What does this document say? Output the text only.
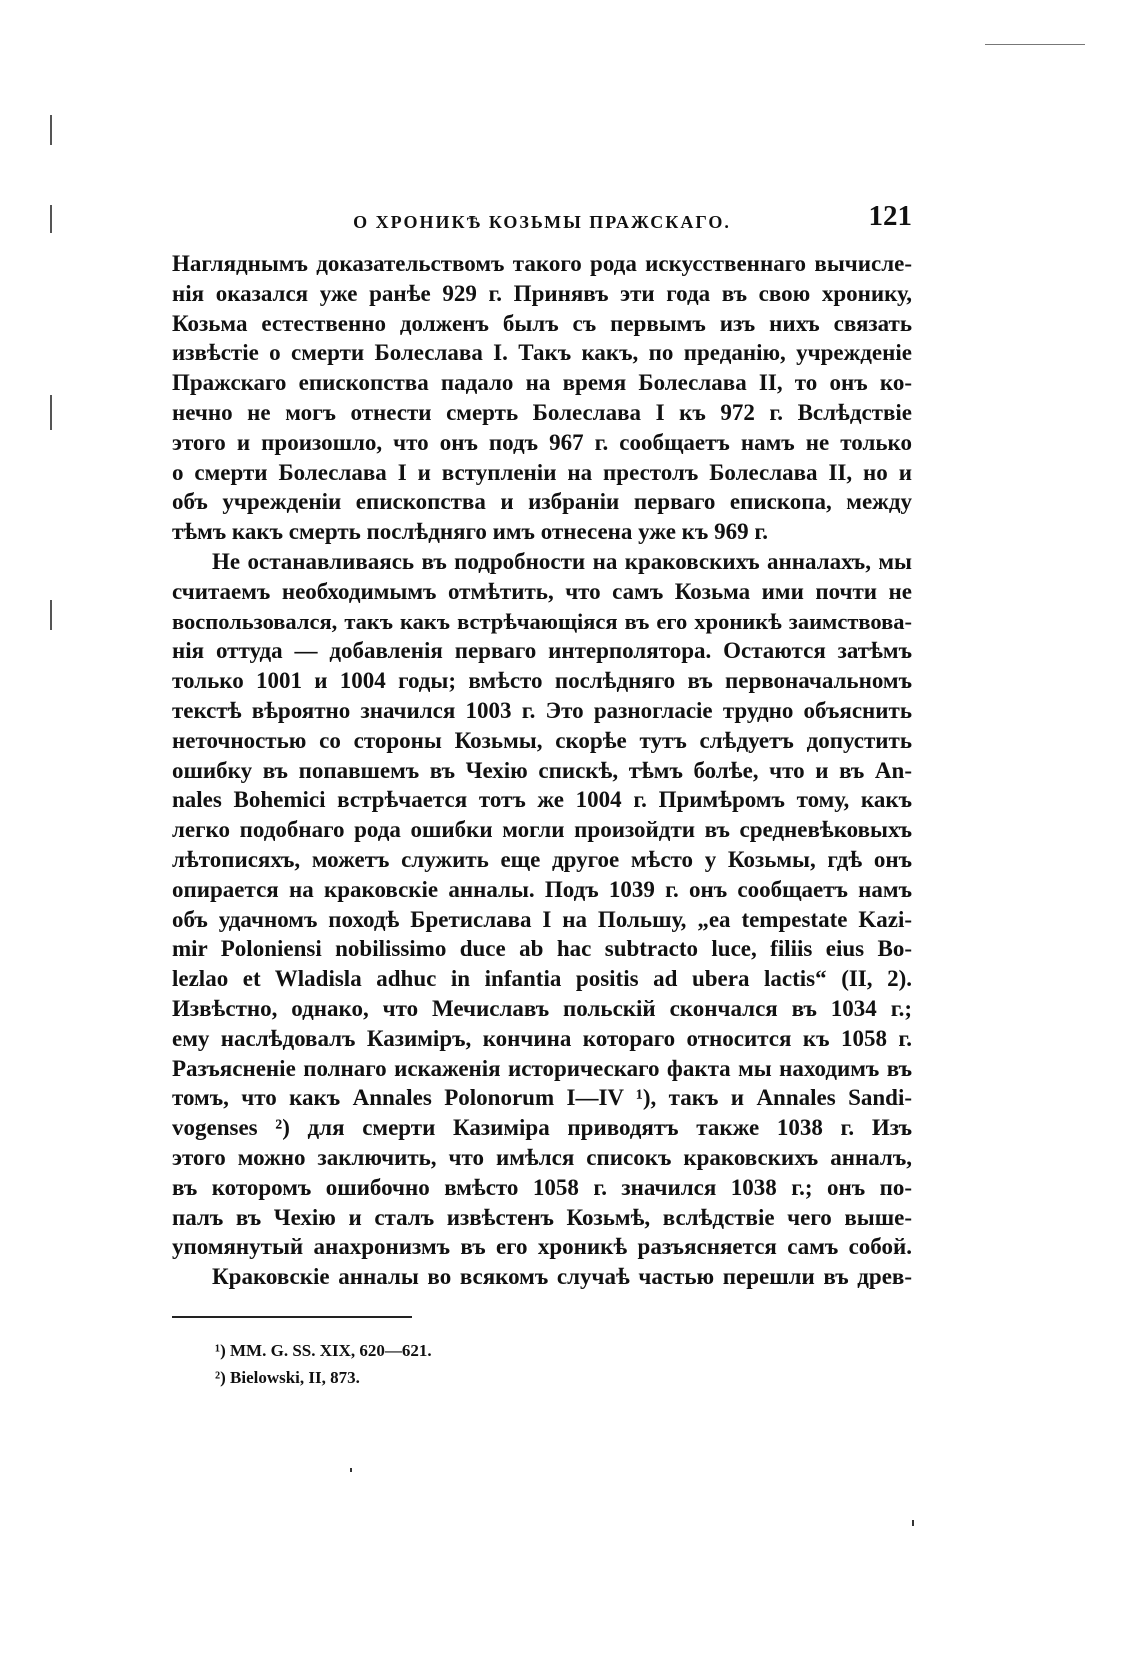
О ХРОНИКѢ КОЗЬМЫ ПРАЖСКАГО.	121
Нагляднымъ доказательствомъ такого рода искусственнаго вычисле-
нія оказался уже ранѣе 929 г. Принявъ эти года въ свою хронику,
Козьма естественно долженъ былъ съ первымъ изъ нихъ связать
извѣстіе о смерти Болеслава I. Такъ какъ, по преданію, учрежденіе
Пражскаго епископства падало на время Болеслава II, то онъ ко-
нечно не могъ отнести смерть Болеслава I къ 972 г. Вслѣдствіе
этого и произошло, что онъ подъ 967 г. сообщаетъ намъ не только
о смерти Болеслава I и вступленіи на престолъ Болеслава II, но и
объ учрежденіи епископства и избраніи перваго епископа, между
тѣмъ какъ смерть послѣдняго имъ отнесена уже къ 969 г.
Не останавливаясь въ подробности на краковскихъ анналахъ, мы
считаемъ необходимымъ отмѣтить, что самъ Козьма ими почти не
воспользовался, такъ какъ встрѣчающіяся въ его хроникѣ заимствова-
нія оттуда — добавленія перваго интерполятора. Остаются затѣмъ
только 1001 и 1004 годы; вмѣсто послѣдняго въ первоначальномъ
текстѣ вѣроятно значился 1003 г. Это разногласіе трудно объяснить
неточностью со стороны Козьмы, скорѣе тутъ слѣдуетъ допустить
ошибку въ попавшемъ въ Чехію спискѣ, тѣмъ болѣе, что и въ An-
nales Bohemici встрѣчается тотъ же 1004 г. Примѣромъ тому, какъ
легко подобнаго рода ошибки могли произойдти въ средневѣковыхъ
лѣтописяхъ, можетъ служить еще другое мѣсто у Козьмы, гдѣ онъ
опирается на краковскіе анналы. Подъ 1039 г. онъ сообщаетъ намъ
объ удачномъ походѣ Бретислава I на Польшу, „ea tempestate Kazi-
mir Poloniensi nobilissimo duce ab hac subtracto luce, filiis eius Bo-
lezlao et Wladisla adhuc in infantia positis ad ubera lactis“ (II, 2).
Извѣстно, однако, что Мечиславъ польскій скончался въ 1034 г.;
ему наслѣдовалъ Казиміръ, кончина котораго относится къ 1058 г.
Разъясненіе полнаго искаженія историческаго факта мы находимъ въ
томъ, что какъ Annales Polonorum I—IV ¹), такъ и Annales Sandi-
vogenses ²) для смерти Казиміра приводятъ также 1038 г. Изъ
этого можно заключить, что имѣлся списокъ краковскихъ анналъ,
въ которомъ ошибочно вмѣсто 1058 г. значился 1038 г.; онъ по-
палъ въ Чехію и сталъ извѣстенъ Козьмѣ, вслѣдствіе чего выше-
упомянутый анахронизмъ въ его хроникѣ разъясняется самъ собой.
Краковскіе анналы во всякомъ случаѣ частью перешли въ древ-
¹) MM. G. SS. XIX, 620—621.
²) Bielowski, II, 873.
